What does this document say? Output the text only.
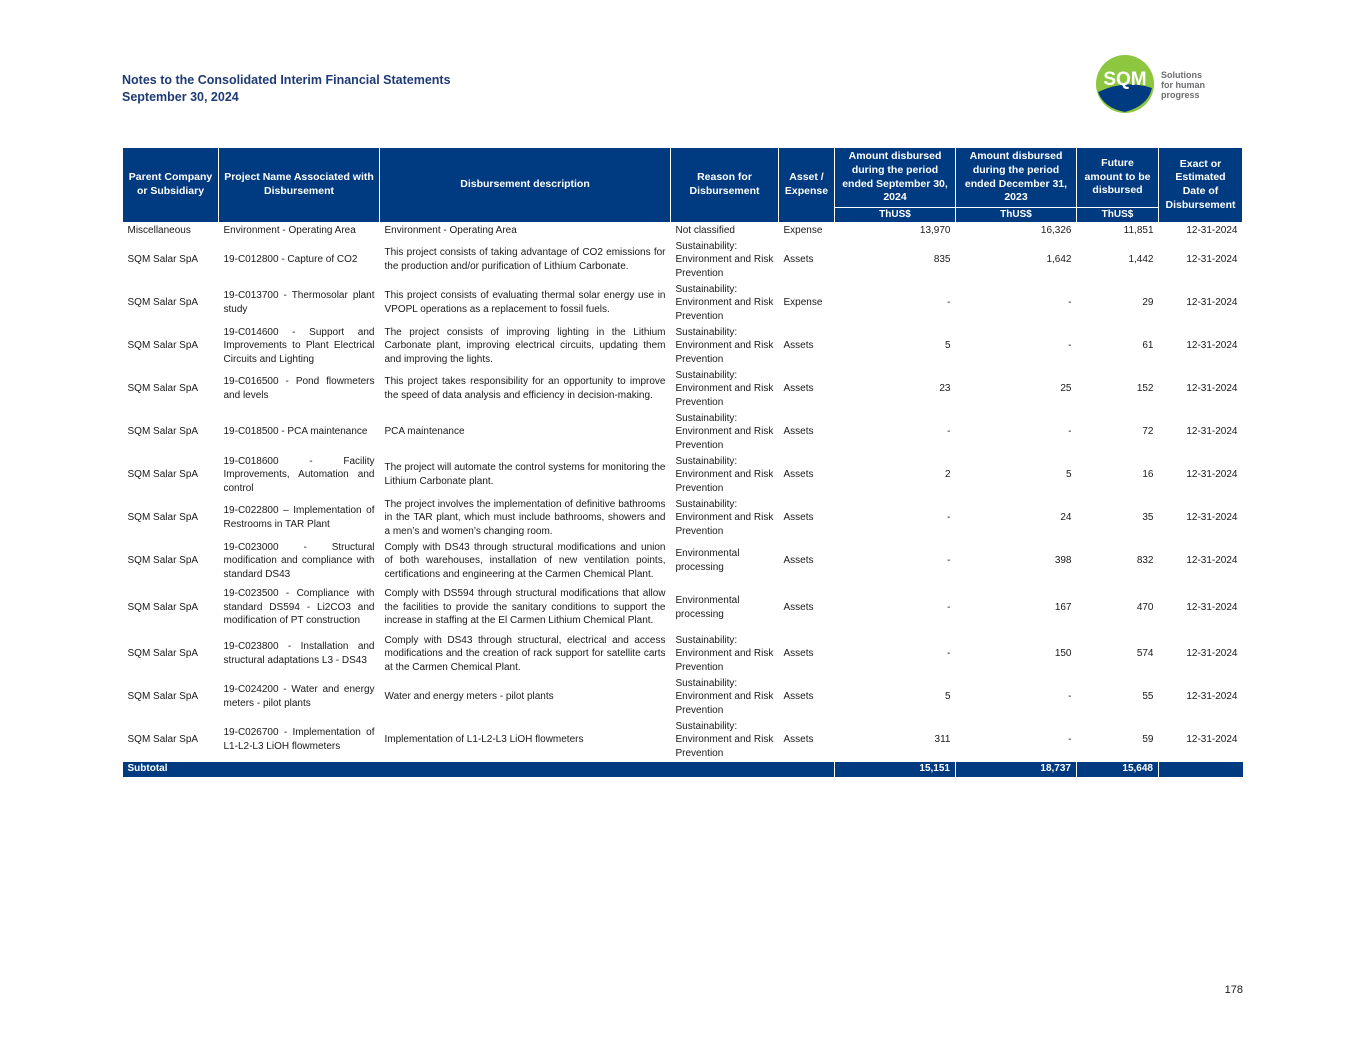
Notes to the Consolidated Interim Financial Statements
September 30, 2024
SQM Solutions
for human
progress
Parent Company or Subsidiary	Project Name Associated with Disbursement	Disbursement description	Reason for Disbursement	Asset / Expense	Amount disbursed during the period ended September 30, 2024	Amount disbursed during the period ended December 31, 2023	Future amount to be disbursed	Exact or Estimated Date of Disbursement
					ThUS$	ThUS$	ThUS$	
Miscellaneous	Environment - Operating Area	Environment - Operating Area	Not classified	Expense	13,970	16,326	11,851	12-31-2024
SQM Salar SpA	19-C012800 - Capture of CO2	This project consists of taking advantage of CO2 emissions for the production and/or purification of Lithium Carbonate.	Sustainability: Environment and Risk Prevention	Assets	835	1,642	1,442	12-31-2024
SQM Salar SpA	19-C013700 - Thermosolar plant study	This project consists of evaluating thermal solar energy use in VPOPL operations as a replacement to fossil fuels.	Sustainability: Environment and Risk Prevention	Expense	-	-	29	12-31-2024
SQM Salar SpA	19-C014600 - Support and Improvements to Plant Electrical Circuits and Lighting	The project consists of improving lighting in the Lithium Carbonate plant, improving electrical circuits, updating them and improving the lights.	Sustainability: Environment and Risk Prevention	Assets	5	-	61	12-31-2024
SQM Salar SpA	19-C016500 - Pond flowmeters and levels	This project takes responsibility for an opportunity to improve the speed of data analysis and efficiency in decision-making.	Sustainability: Environment and Risk Prevention	Assets	23	25	152	12-31-2024
SQM Salar SpA	19-C018500 - PCA maintenance	PCA maintenance	Sustainability: Environment and Risk Prevention	Assets	-	-	72	12-31-2024
SQM Salar SpA	19-C018600 - Facility Improvements, Automation and control	The project will automate the control systems for monitoring the Lithium Carbonate plant.	Sustainability: Environment and Risk Prevention	Assets	2	5	16	12-31-2024
SQM Salar SpA	19-C022800 – Implementation of Restrooms in TAR Plant	The project involves the implementation of definitive bathrooms in the TAR plant, which must include bathrooms, showers and a men’s and women’s changing room.	Sustainability: Environment and Risk Prevention	Assets	-	24	35	12-31-2024
SQM Salar SpA	19-C023000 - Structural modification and compliance with standard DS43	Comply with DS43 through structural modifications and union of both warehouses, installation of new ventilation points, certifications and engineering at the Carmen Chemical Plant.	Environmental processing	Assets	-	398	832	12-31-2024
SQM Salar SpA	19-C023500 - Compliance with standard DS594 - Li2CO3 and modification of PT construction	Comply with DS594 through structural modifications that allow the facilities to provide the sanitary conditions to support the increase in staffing at the El Carmen Lithium Chemical Plant.	Environmental processing	Assets	-	167	470	12-31-2024
SQM Salar SpA	19-C023800 - Installation and structural adaptations L3 - DS43	Comply with DS43 through structural, electrical and access modifications and the creation of rack support for satellite carts at the Carmen Chemical Plant.	Sustainability: Environment and Risk Prevention	Assets	-	150	574	12-31-2024
SQM Salar SpA	19-C024200 - Water and energy meters - pilot plants	Water and energy meters - pilot plants	Sustainability: Environment and Risk Prevention	Assets	5	-	55	12-31-2024
SQM Salar SpA	19-C026700 - Implementation of L1-L2-L3 LiOH flowmeters	Implementation of L1-L2-L3 LiOH flowmeters	Sustainability: Environment and Risk Prevention	Assets	311	-	59	12-31-2024
Subtotal					15,151	18,737	15,648	
178
